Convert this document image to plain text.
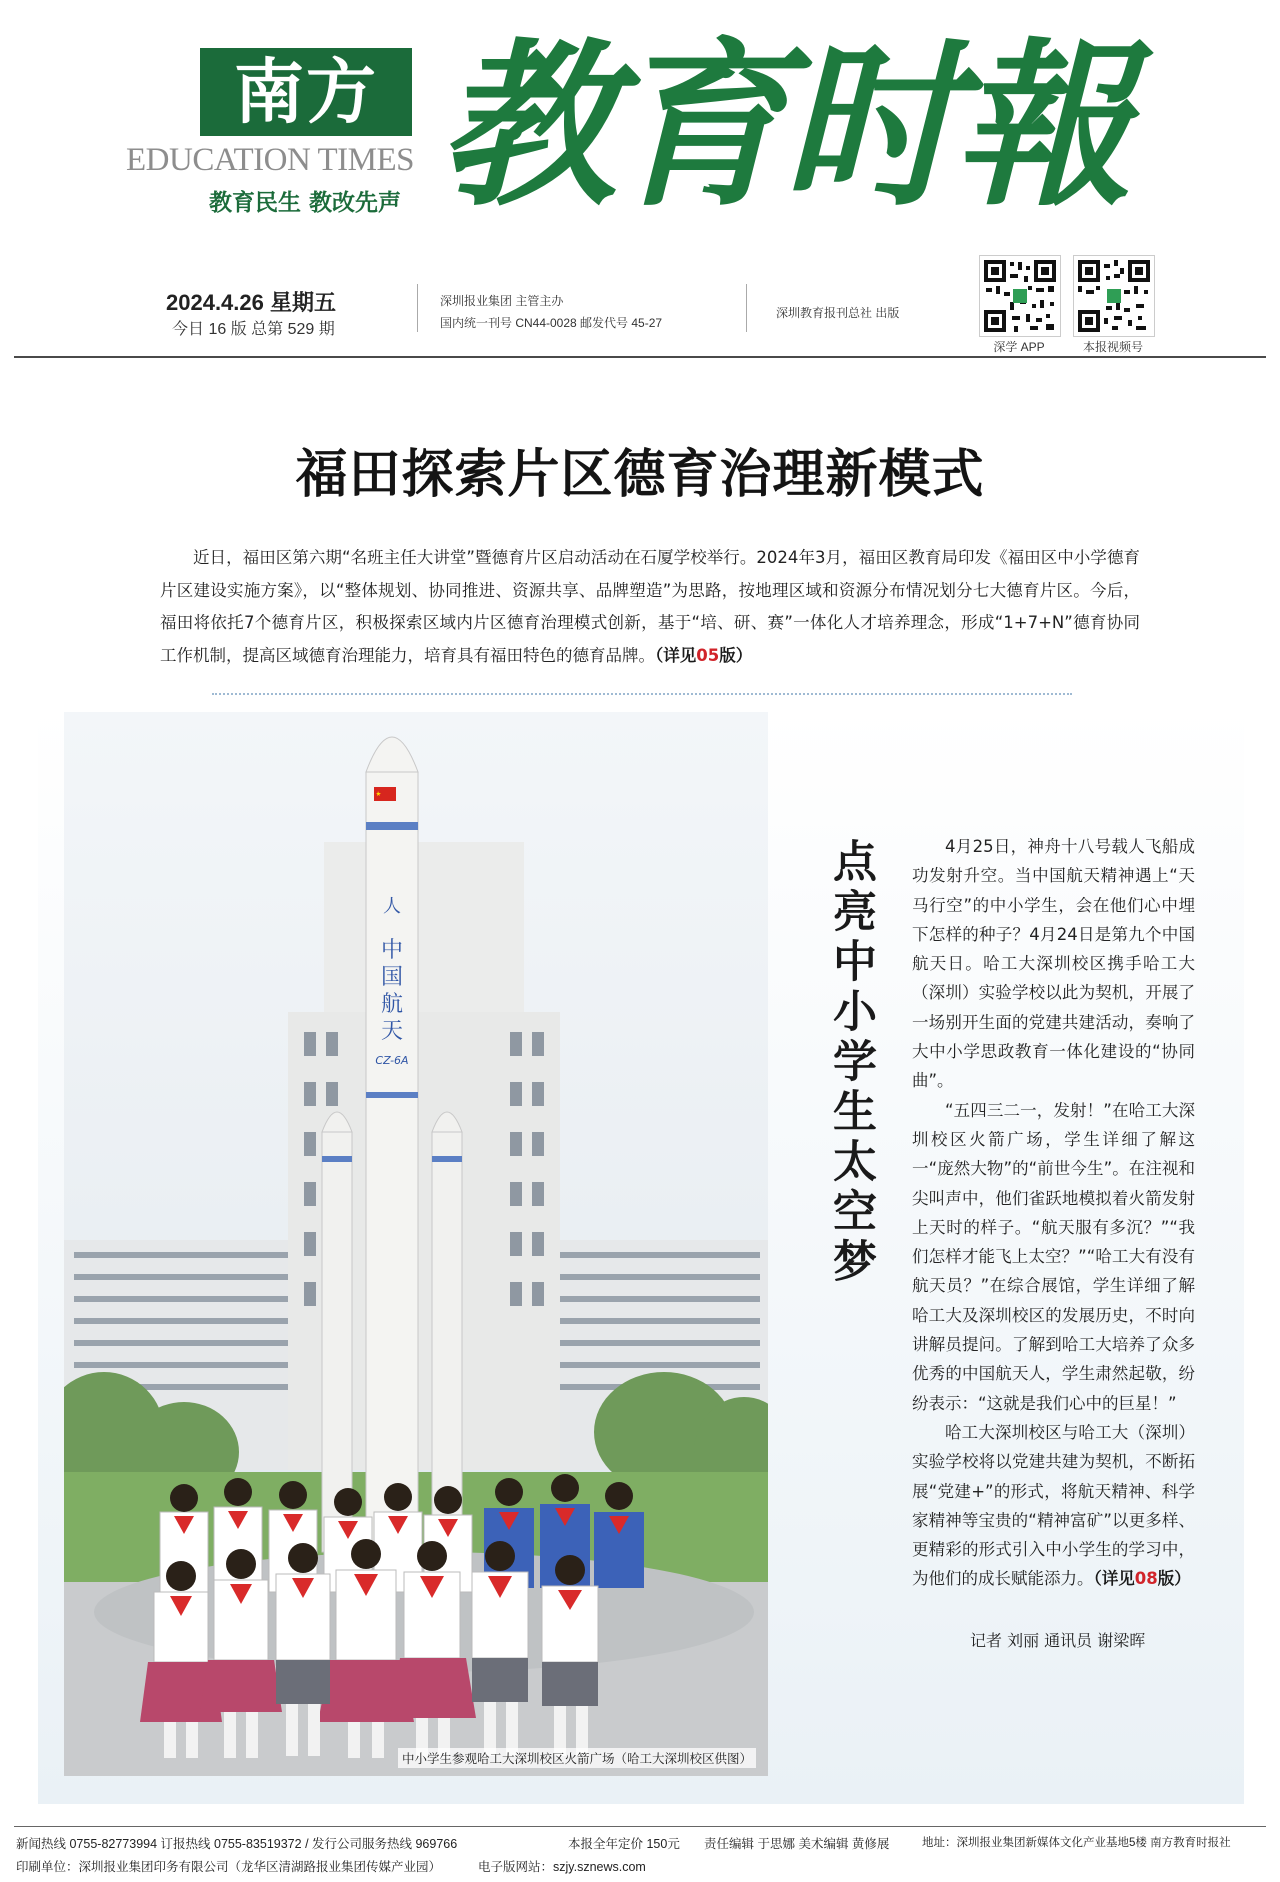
南方
EDUCATION TIMES
教育民生 教改先声 教育时報
2024.4.26 星期五
今日 16 版 总第 529 期
深圳报业集团 主管主办
国内统一刊号 CN44-0028 邮发代号 45-27
深圳教育报刊总社 出版
深学 APP	本报视频号
福田探索片区德育治理新模式
近日，福田区第六期“名班主任大讲堂”暨德育片区启动活动在石厦学校举行。2024年3月，福田区教育局印发《福田区中小学德育片区建设实施方案》，以“整体规划、协同推进、资源共享、品牌塑造”为思路，按地理区域和资源分布情况划分七大德育片区。今后，福田将依托7个德育片区，积极探索区域内片区德育治理模式创新，基于“培、研、赛”一体化人才培养理念，形成“1+7+N”德育协同工作机制，提高区域德育治理能力，培育具有福田特色的德育品牌。（详见05版）
人
中
国
航
天
CZ-6A
中小学生参观哈工大深圳校区火箭广场（哈工大深圳校区供图）
点亮中小学生太空梦	4月25日，神舟十八号载人飞船成功发射升空。当中国航天精神遇上“天马行空”的中小学生，会在他们心中埋下怎样的种子？4月24日是第九个中国航天日。哈工大深圳校区携手哈工大（深圳）实验学校以此为契机，开展了一场别开生面的党建共建活动，奏响了大中小学思政教育一体化建设的“协同曲”。

“五四三二一，发射！”在哈工大深圳校区火箭广场，学生详细了解这一“庞然大物”的“前世今生”。在注视和尖叫声中，他们雀跃地模拟着火箭发射上天时的样子。“航天服有多沉？”“我们怎样才能飞上太空？”“哈工大有没有航天员？”在综合展馆，学生详细了解哈工大及深圳校区的发展历史，不时向讲解员提问。了解到哈工大培养了众多优秀的中国航天人，学生肃然起敬，纷纷表示：“这就是我们心中的巨星！”

哈工大深圳校区与哈工大（深圳）实验学校将以党建共建为契机，不断拓展“党建+”的形式，将航天精神、科学家精神等宝贵的“精神富矿”以更多样、更精彩的形式引入中小学生的学习中，为他们的成长赋能添力。（详见08版）

记者 刘丽 通讯员 谢梁晖
新闻热线 0755-82773994 订报热线 0755-83519372 / 发行公司服务热线 969766	本报全年定价 150元 责任编辑 于思娜 美术编辑 黄修展	地址：深圳报业集团新媒体文化产业基地5楼 南方教育时报社
印刷单位：深圳报业集团印务有限公司（龙华区清湖路报业集团传媒产业园）	电子版网站：szjy.sznews.com
